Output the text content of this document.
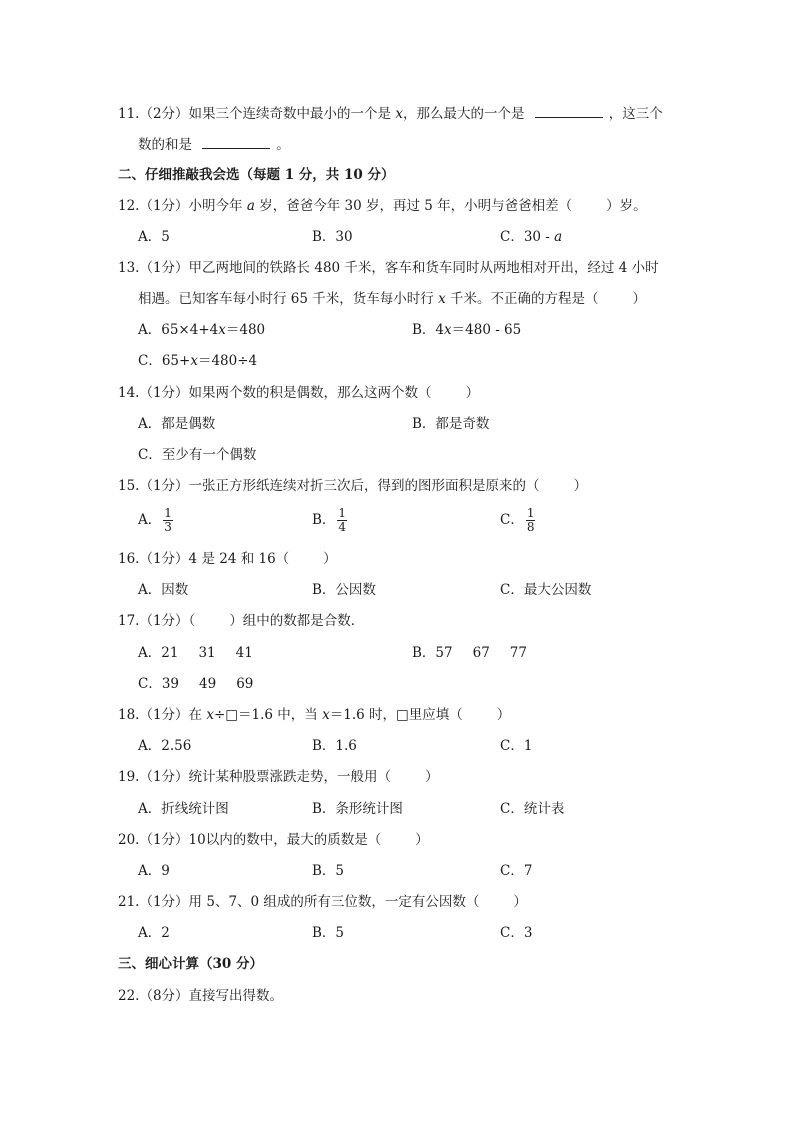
11.（2分）如果三个连续奇数中最小的一个是 x，那么最大的一个是	，这三个
数的和是	。
二、仔细推敲我会选（每题 1 分，共 10 分）
12.（1分）小明今年 a 岁，爸爸今年 30 岁，再过 5 年，小明与爸爸相差（	）岁。
A．5	B．30	C．30 - a
13.（1分）甲乙两地间的铁路长 480 千米，客车和货车同时从两地相对开出，经过 4 小时
相遇。已知客车每小时行 65 千米，货车每小时行 x 千米。不正确的方程是（	）
A．65×4+4x＝480	B．4x＝480 - 65
C．65+x＝480÷4
14.（1分）如果两个数的积是偶数，那么这两个数（	）
A．都是偶数	B．都是奇数
C．至少有一个偶数
15.（1分）一张正方形纸连续对折三次后，得到的图形面积是原来的（	）
A． $\frac{1}{3}$	B． $\frac{1}{4}$	C． $\frac{1}{8}$
16.（1分）4 是 24 和 16（	）
A．因数	B．公因数	C．最大公因数
17.（1分）（	）组中的数都是合数．
A．21 31 41	B．57 67 77
C．39 49 69
18.（1分）在 x÷□＝1.6 中，当 x＝1.6 时，□里应填（	）
A．2.56	B．1.6	C．1
19.（1分）统计某种股票涨跌走势，一般用（	）
A．折线统计图	B．条形统计图	C．统计表
20.（1分）10以内的数中，最大的质数是（	）
A．9	B．5	C．7
21.（1分）用 5、7、0 组成的所有三位数，一定有公因数（	）
A．2	B．5	C．3
三、细心计算（30 分）
22.（8分）直接写出得数。
